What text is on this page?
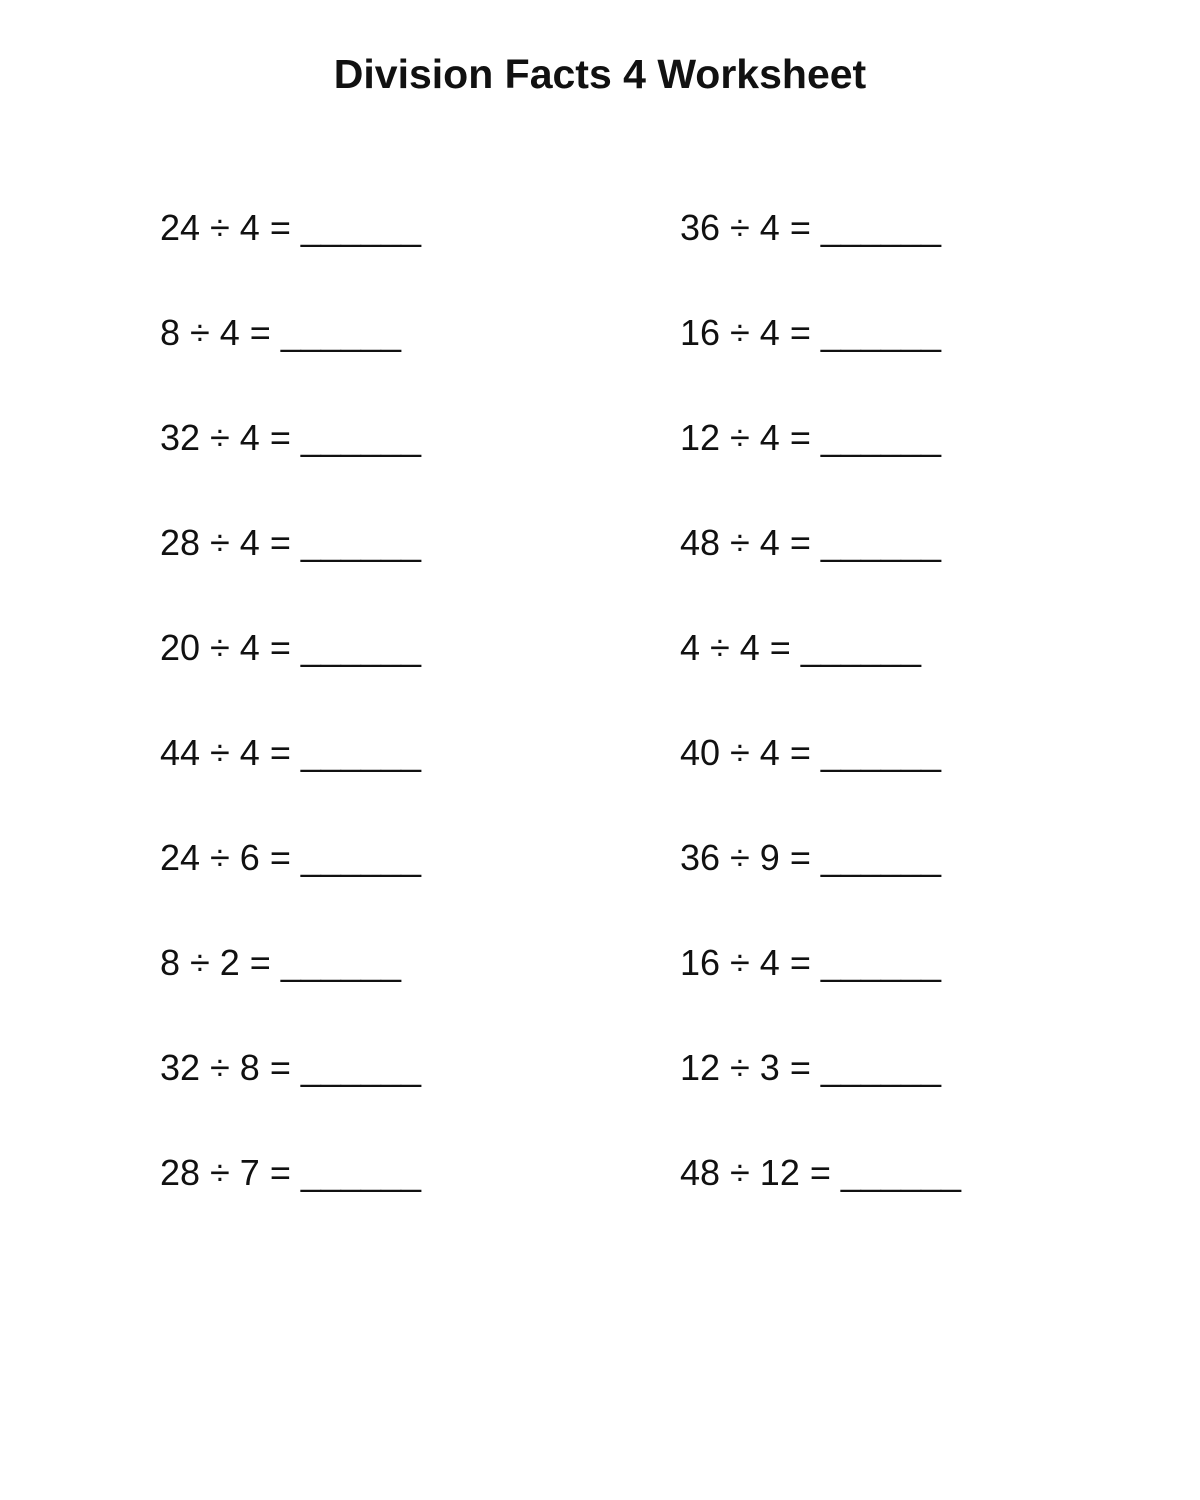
Division Facts 4 Worksheet
24 ÷ 4 = ______
8 ÷ 4 = ______
32 ÷ 4 = ______
28 ÷ 4 = ______
20 ÷ 4 = ______
44 ÷ 4 = ______
24 ÷ 6 = ______
8 ÷ 2 = ______
32 ÷ 8 = ______
28 ÷ 7 = ______
36 ÷ 4 = ______
16 ÷ 4 = ______
12 ÷ 4 = ______
48 ÷ 4 = ______
4 ÷ 4 = ______
40 ÷ 4 = ______
36 ÷ 9 = ______
16 ÷ 4 = ______
12 ÷ 3 = ______
48 ÷ 12 = ______
